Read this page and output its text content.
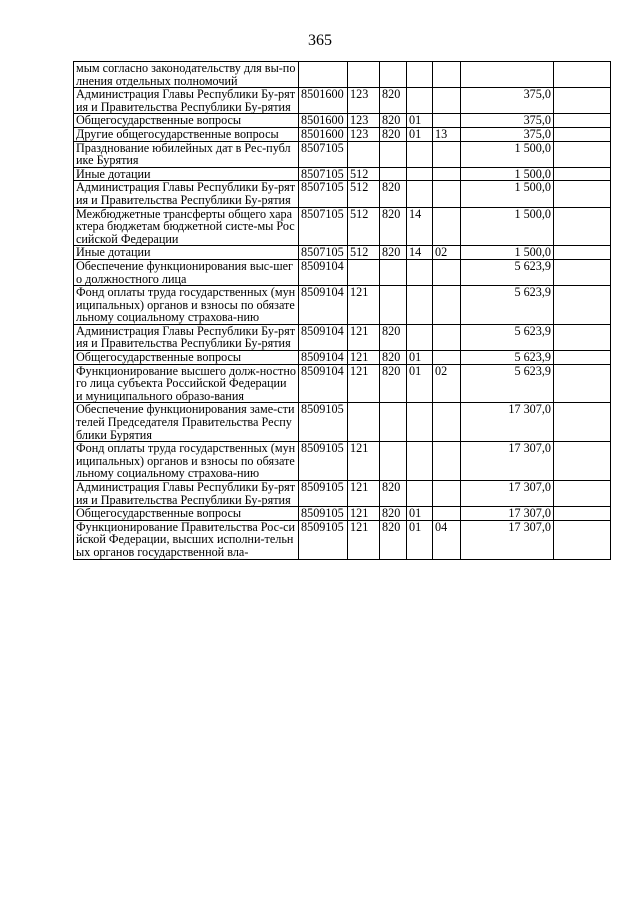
365
мым согласно законодательству для вы-полнения отдельных полномочий							
Администрация Главы Республики Бу-рятия и Правительства Республики Бу-рятия	8501600	123	820			375,0	
Общегосударственные вопросы	8501600	123	820	01		375,0	
Другие общегосударственные вопросы	8501600	123	820	01	13	375,0	
Празднование юбилейных дат в Рес-публике Бурятия	8507105					1 500,0	
Иные дотации	8507105	512				1 500,0	
Администрация Главы Республики Бу-рятия и Правительства Республики Бу-рятия	8507105	512	820			1 500,0	
Межбюджетные трансферты общего характера бюджетам бюджетной систе-мы Российской Федерации	8507105	512	820	14		1 500,0	
Иные дотации	8507105	512	820	14	02	1 500,0	
Обеспечение функционирования выс-шего должностного лица	8509104					5 623,9	
Фонд оплаты труда государственных (муниципальных) органов и взносы по обязательному социальному страхова-нию	8509104	121				5 623,9	
Администрация Главы Республики Бу-рятия и Правительства Республики Бу-рятия	8509104	121	820			5 623,9	
Общегосударственные вопросы	8509104	121	820	01		5 623,9	
Функционирование высшего долж-ностного лица субъекта Российской Федерации и муниципального образо-вания	8509104	121	820	01	02	5 623,9	
Обеспечение функционирования заме-стителей Председателя Правительства Республики Бурятия	8509105					17 307,0	
Фонд оплаты труда государственных (муниципальных) органов и взносы по обязательному социальному страхова-нию	8509105	121				17 307,0	
Администрация Главы Республики Бу-рятия и Правительства Республики Бу-рятия	8509105	121	820			17 307,0	
Общегосударственные вопросы	8509105	121	820	01		17 307,0	
Функционирование Правительства Рос-сийской Федерации, высших исполни-тельных органов государственной вла-	8509105	121	820	01	04	17 307,0	
